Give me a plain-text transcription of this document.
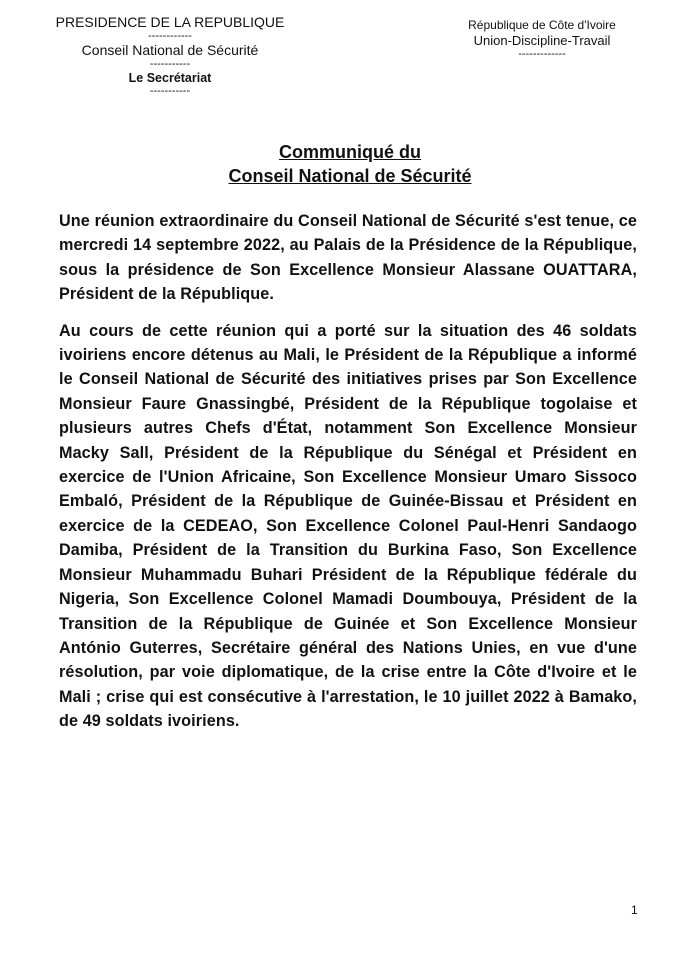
PRESIDENCE DE LA REPUBLIQUE
------------
Conseil National de Sécurité
-----------
Le Secrétariat
-----------
République de Côte d'Ivoire
Union-Discipline-Travail
-------------
Communiqué du
Conseil National de Sécurité

Une réunion extraordinaire du Conseil National de Sécurité s'est tenue, ce mercredi 14 septembre 2022, au Palais de la Présidence de la République, sous la présidence de Son Excellence Monsieur Alassane OUATTARA, Président de la République.

Au cours de cette réunion qui a porté sur la situation des 46 soldats ivoiriens encore détenus au Mali, le Président de la République a informé le Conseil National de Sécurité des initiatives prises par Son Excellence Monsieur Faure Gnassingbé, Président de la République togolaise et plusieurs autres Chefs d'État, notamment Son Excellence Monsieur Macky Sall, Président de la République du Sénégal et Président en exercice de l'Union Africaine, Son Excellence Monsieur Umaro Sissoco Embaló, Président de la République de Guinée-Bissau et Président en exercice de la CEDEAO, Son Excellence Colonel Paul-Henri Sandaogo Damiba, Président de la Transition du Burkina Faso, Son Excellence Monsieur Muhammadu Buhari Président de la République fédérale du Nigeria, Son Excellence Colonel Mamadi Doumbouya, Président de la Transition de la République de Guinée et Son Excellence Monsieur António Guterres, Secrétaire général des Nations Unies, en vue d'une résolution, par voie diplomatique, de la crise entre la Côte d'Ivoire et le Mali ; crise qui est consécutive à l'arrestation, le 10 juillet 2022 à Bamako, de 49 soldats ivoiriens.

1
